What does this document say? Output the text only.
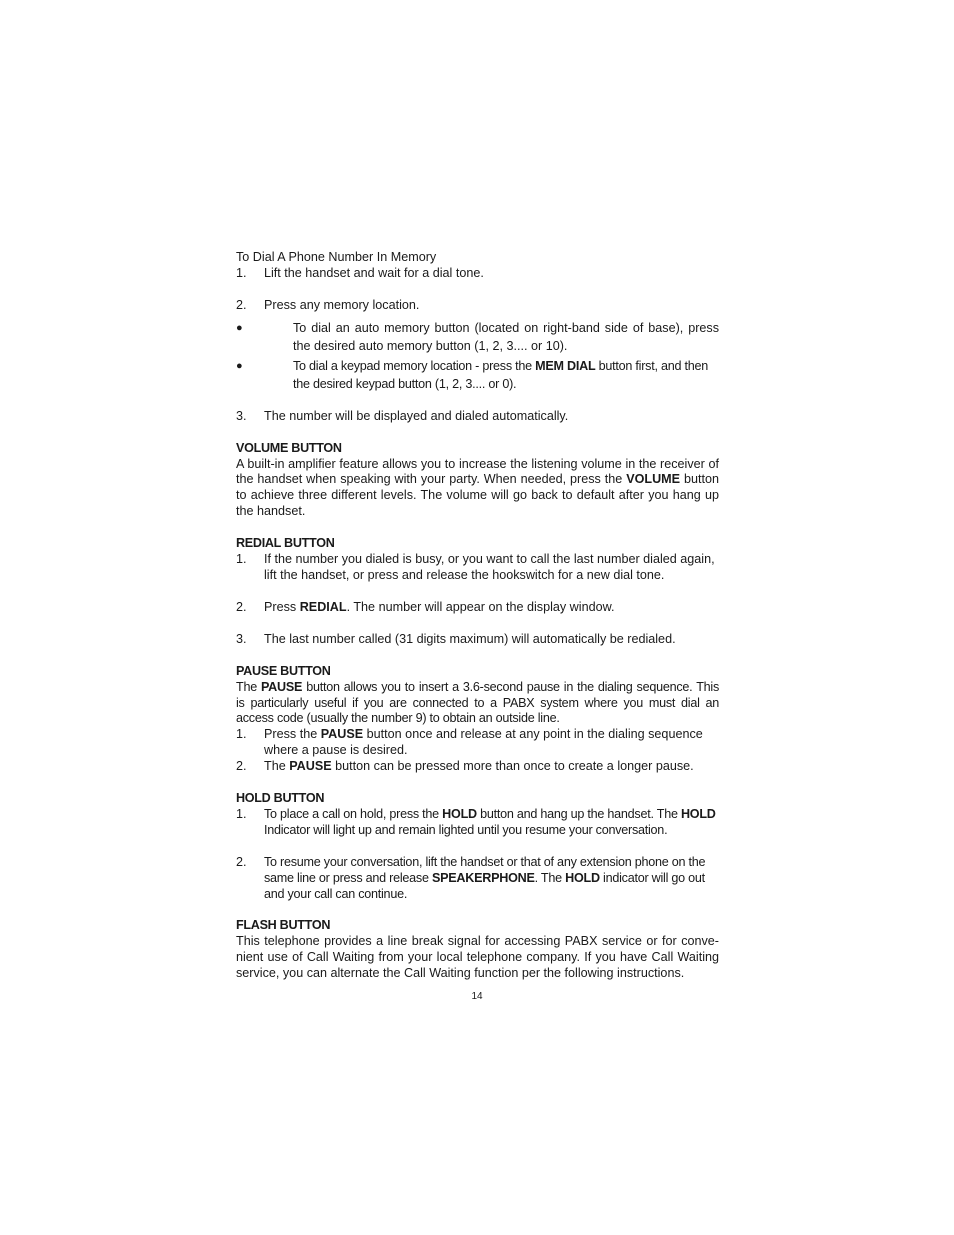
To Dial A Phone Number In Memory
1.	Lift the handset and wait for a dial tone.
2.	Press any memory location.
●	To dial an auto memory button (located on right-band side of base), press the desired auto memory button (1, 2, 3.... or 10).
●	To dial a keypad memory location - press the MEM DIAL button first, and then the desired keypad button (1, 2, 3.... or 0).
3.	The number will be displayed and dialed automatically.
VOLUME BUTTON
A built-in amplifier feature allows you to increase the listening volume in the receiver of the handset when speaking with your party. When needed, press the VOLUME button to achieve three different levels. The volume will go back to default after you hang up the handset.
REDIAL BUTTON
1.	If the number you dialed is busy, or you want to call the last number dialed again, lift the handset, or press and release the hookswitch for a new dial tone.
2.	Press REDIAL. The number will appear on the display window.
3.	The last number called (31 digits maximum) will automatically be redialed.
PAUSE BUTTON
The PAUSE button allows you to insert a 3.6-second pause in the dialing sequence. This is particularly useful if you are connected to a PABX system where you must dial an access code (usually the number 9) to obtain an outside line.
1.	Press the PAUSE button once and release at any point in the dialing sequence where a pause is desired.
2.	The PAUSE button can be pressed more than once to create a longer pause.
HOLD BUTTON
1.	To place a call on hold, press the HOLD button and hang up the handset. The HOLD Indicator will light up and remain lighted until you resume your conversation.
2.	To resume your conversation, lift the handset or that of any extension phone on the same line or press and release SPEAKERPHONE. The HOLD indicator will go out and your call can continue.
FLASH BUTTON
This telephone provides a line break signal for accessing PABX service or for conve-nient use of Call Waiting from your local telephone company. If you have Call Waiting service, you can alternate the Call Waiting function per the following instructions.
14
